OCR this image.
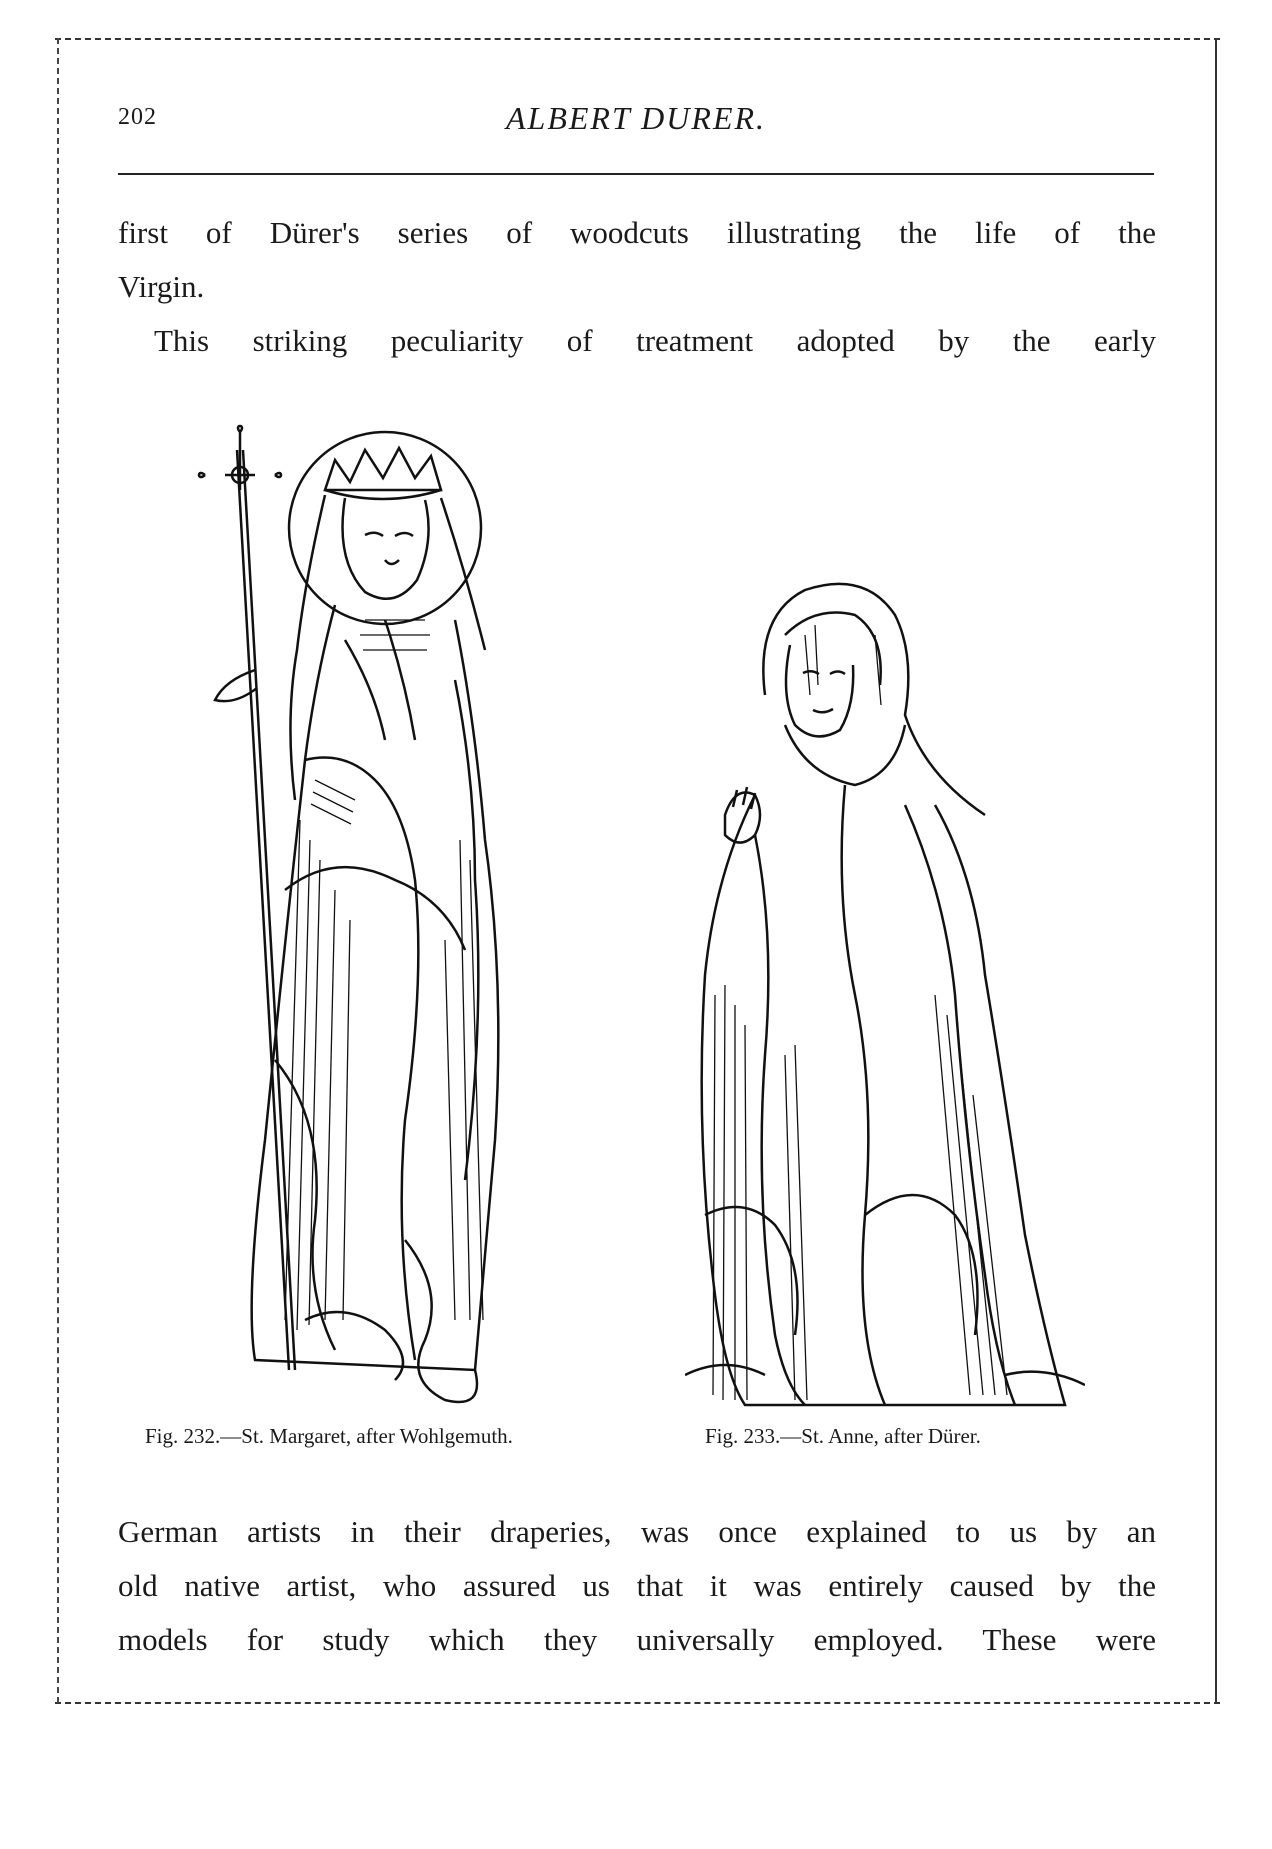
202	ALBERT DURER.
first of Dürer's series of woodcuts illustrating the life of the
Virgin.
This striking peculiarity of treatment adopted by the early
Fig. 232.—St. Margaret, after Wohlgemuth.	Fig. 233.—St. Anne, after Dürer.
German artists in their draperies, was once explained to us by an
old native artist, who assured us that it was entirely caused by the
models for study which they universally employed. These were
